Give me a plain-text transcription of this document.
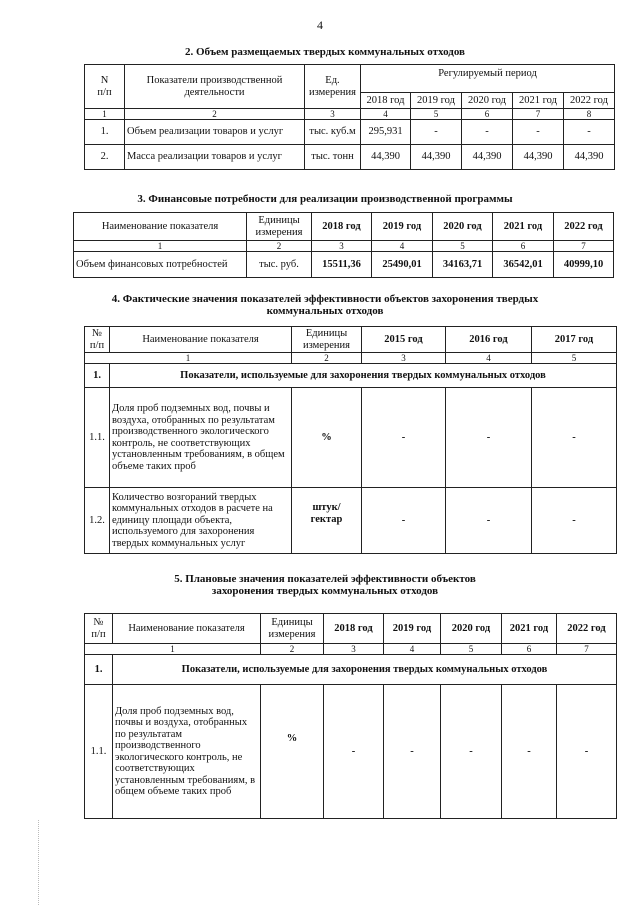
4
2. Объем размещаемых твердых коммунальных отходов
N
п/п	Показатели производственной деятельности	Ед.
измерения	Регулируемый период				
			2018 год	2019 год	2020 год	2021 год	2022 год
1	2	3	4	5	6	7	8
1.	Объем реализации товаров и услуг	тыс. куб.м	295,931	-	-	-	-
2.	Масса реализации товаров и услуг	тыс. тонн	44,390	44,390	44,390	44,390	44,390
3. Финансовые потребности для реализации производственной программы
Наименование показателя	Единицы
измерения	2018 год	2019 год	2020 год	2021 год	2022 год
1	2	3	4	5	6	7
Объем финансовых потребностей	тыс. руб.	15511,36	25490,01	34163,71	36542,01	40999,10
4. Фактические значения показателей эффективности объектов захоронения твердых
коммунальных отходов
№
п/п	Наименование показателя	Единицы
измерения	2015 год	2016 год	2017 год
1		2	3	4	5
1.	Показатели, используемые для захоронения твердых коммунальных отходов				
1.1.	Доля проб подземных вод, почвы и воздуха, отобранных по результатам производственного экологического контроль, не соответствующих установленным требованиям, в общем объеме таких проб	%	-	-	-
1.2.	Количество возгораний твердых коммунальных отходов в расчете на единицу площади объекта, используемого для захоронения твердых коммунальных услуг	штук/
гектар	-	-	-
5. Плановые значения показателей эффективности объектов
захоронения твердых коммунальных отходов
№
п/п	Наименование показателя	Единицы
измерения	2018 год	2019 год	2020 год	2021 год	2022 год
1		2	3	4	5	6	7
1.	Показатели, используемые для захоронения твердых коммунальных отходов						
1.1.	Доля проб подземных вод, почвы и воздуха, отобранных по результатам производственного экологического контроль, не соответствующих установленным требованиям, в общем объеме таких проб	%	-	-	-	-	-
